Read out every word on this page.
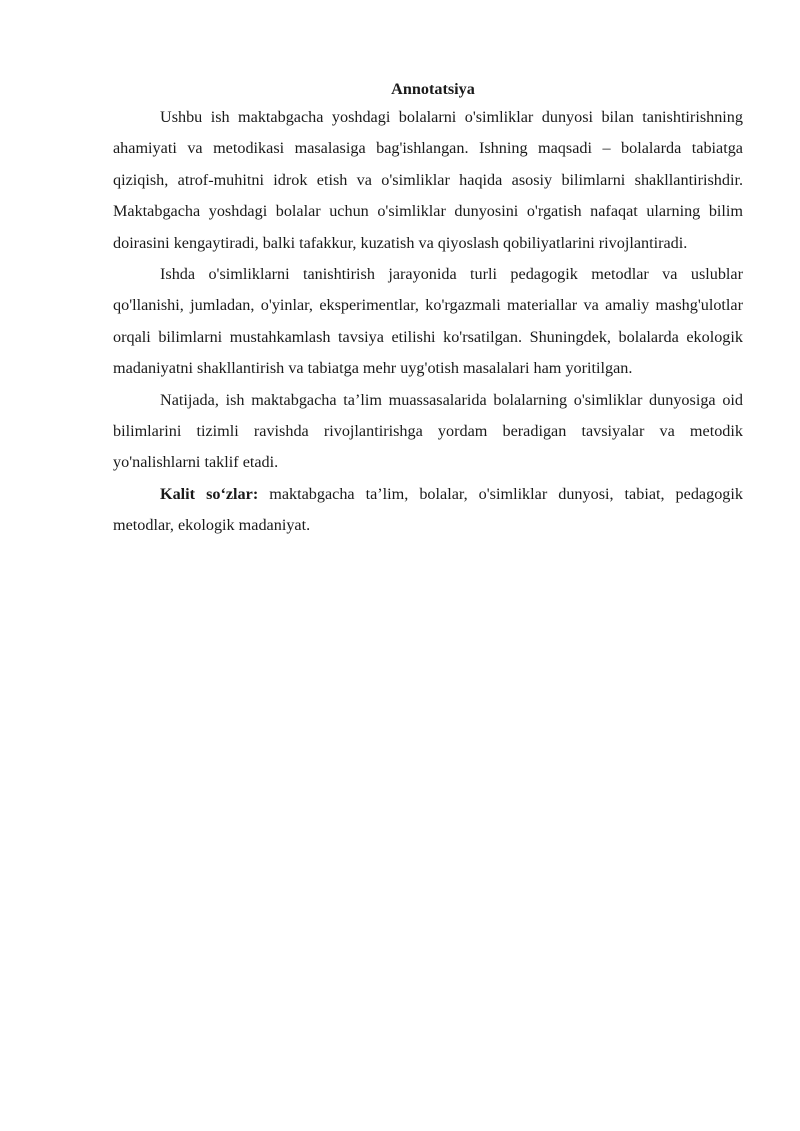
Annotatsiya

Ushbu ish maktabgacha yoshdagi bolalarni o'simliklar dunyosi bilan tanishtirishning ahamiyati va metodikasi masalasiga bag'ishlangan. Ishning maqsadi – bolalarda tabiatga qiziqish, atrof-muhitni idrok etish va o'simliklar haqida asosiy bilimlarni shakllantirishdir. Maktabgacha yoshdagi bolalar uchun o'simliklar dunyosini o'rgatish nafaqat ularning bilim doirasini kengaytiradi, balki tafakkur, kuzatish va qiyoslash qobiliyatlarini rivojlantiradi.

Ishda o'simliklarni tanishtirish jarayonida turli pedagogik metodlar va uslublar qo'llanishi, jumladan, o'yinlar, eksperimentlar, ko'rgazmali materiallar va amaliy mashg'ulotlar orqali bilimlarni mustahkamlash tavsiya etilishi ko'rsatilgan. Shuningdek, bolalarda ekologik madaniyatni shakllantirish va tabiatga mehr uyg'otish masalalari ham yoritilgan.

Natijada, ish maktabgacha ta’lim muassasalarida bolalarning o'simliklar dunyosiga oid bilimlarini tizimli ravishda rivojlantirishga yordam beradigan tavsiyalar va metodik yo'nalishlarni taklif etadi.

Kalit so‘zlar: maktabgacha ta’lim, bolalar, o'simliklar dunyosi, tabiat, pedagogik metodlar, ekologik madaniyat.
